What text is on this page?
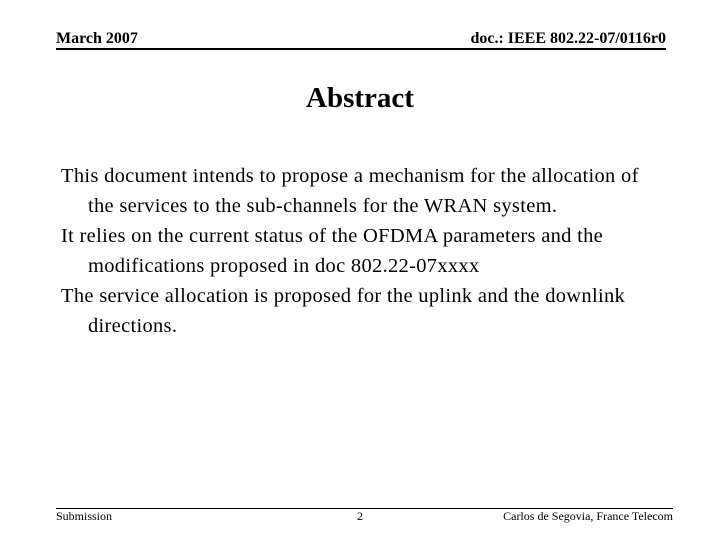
March 2007	doc.: IEEE 802.22-07/0116r0
Abstract
This document intends to propose a mechanism for the allocation of the services to the sub-channels for the WRAN system.
It relies on the current status of the OFDMA parameters and the modifications proposed in doc 802.22-07xxxx
The service allocation is proposed for the uplink and the downlink directions.
Submission	2	Carlos de Segovia, France Telecom
